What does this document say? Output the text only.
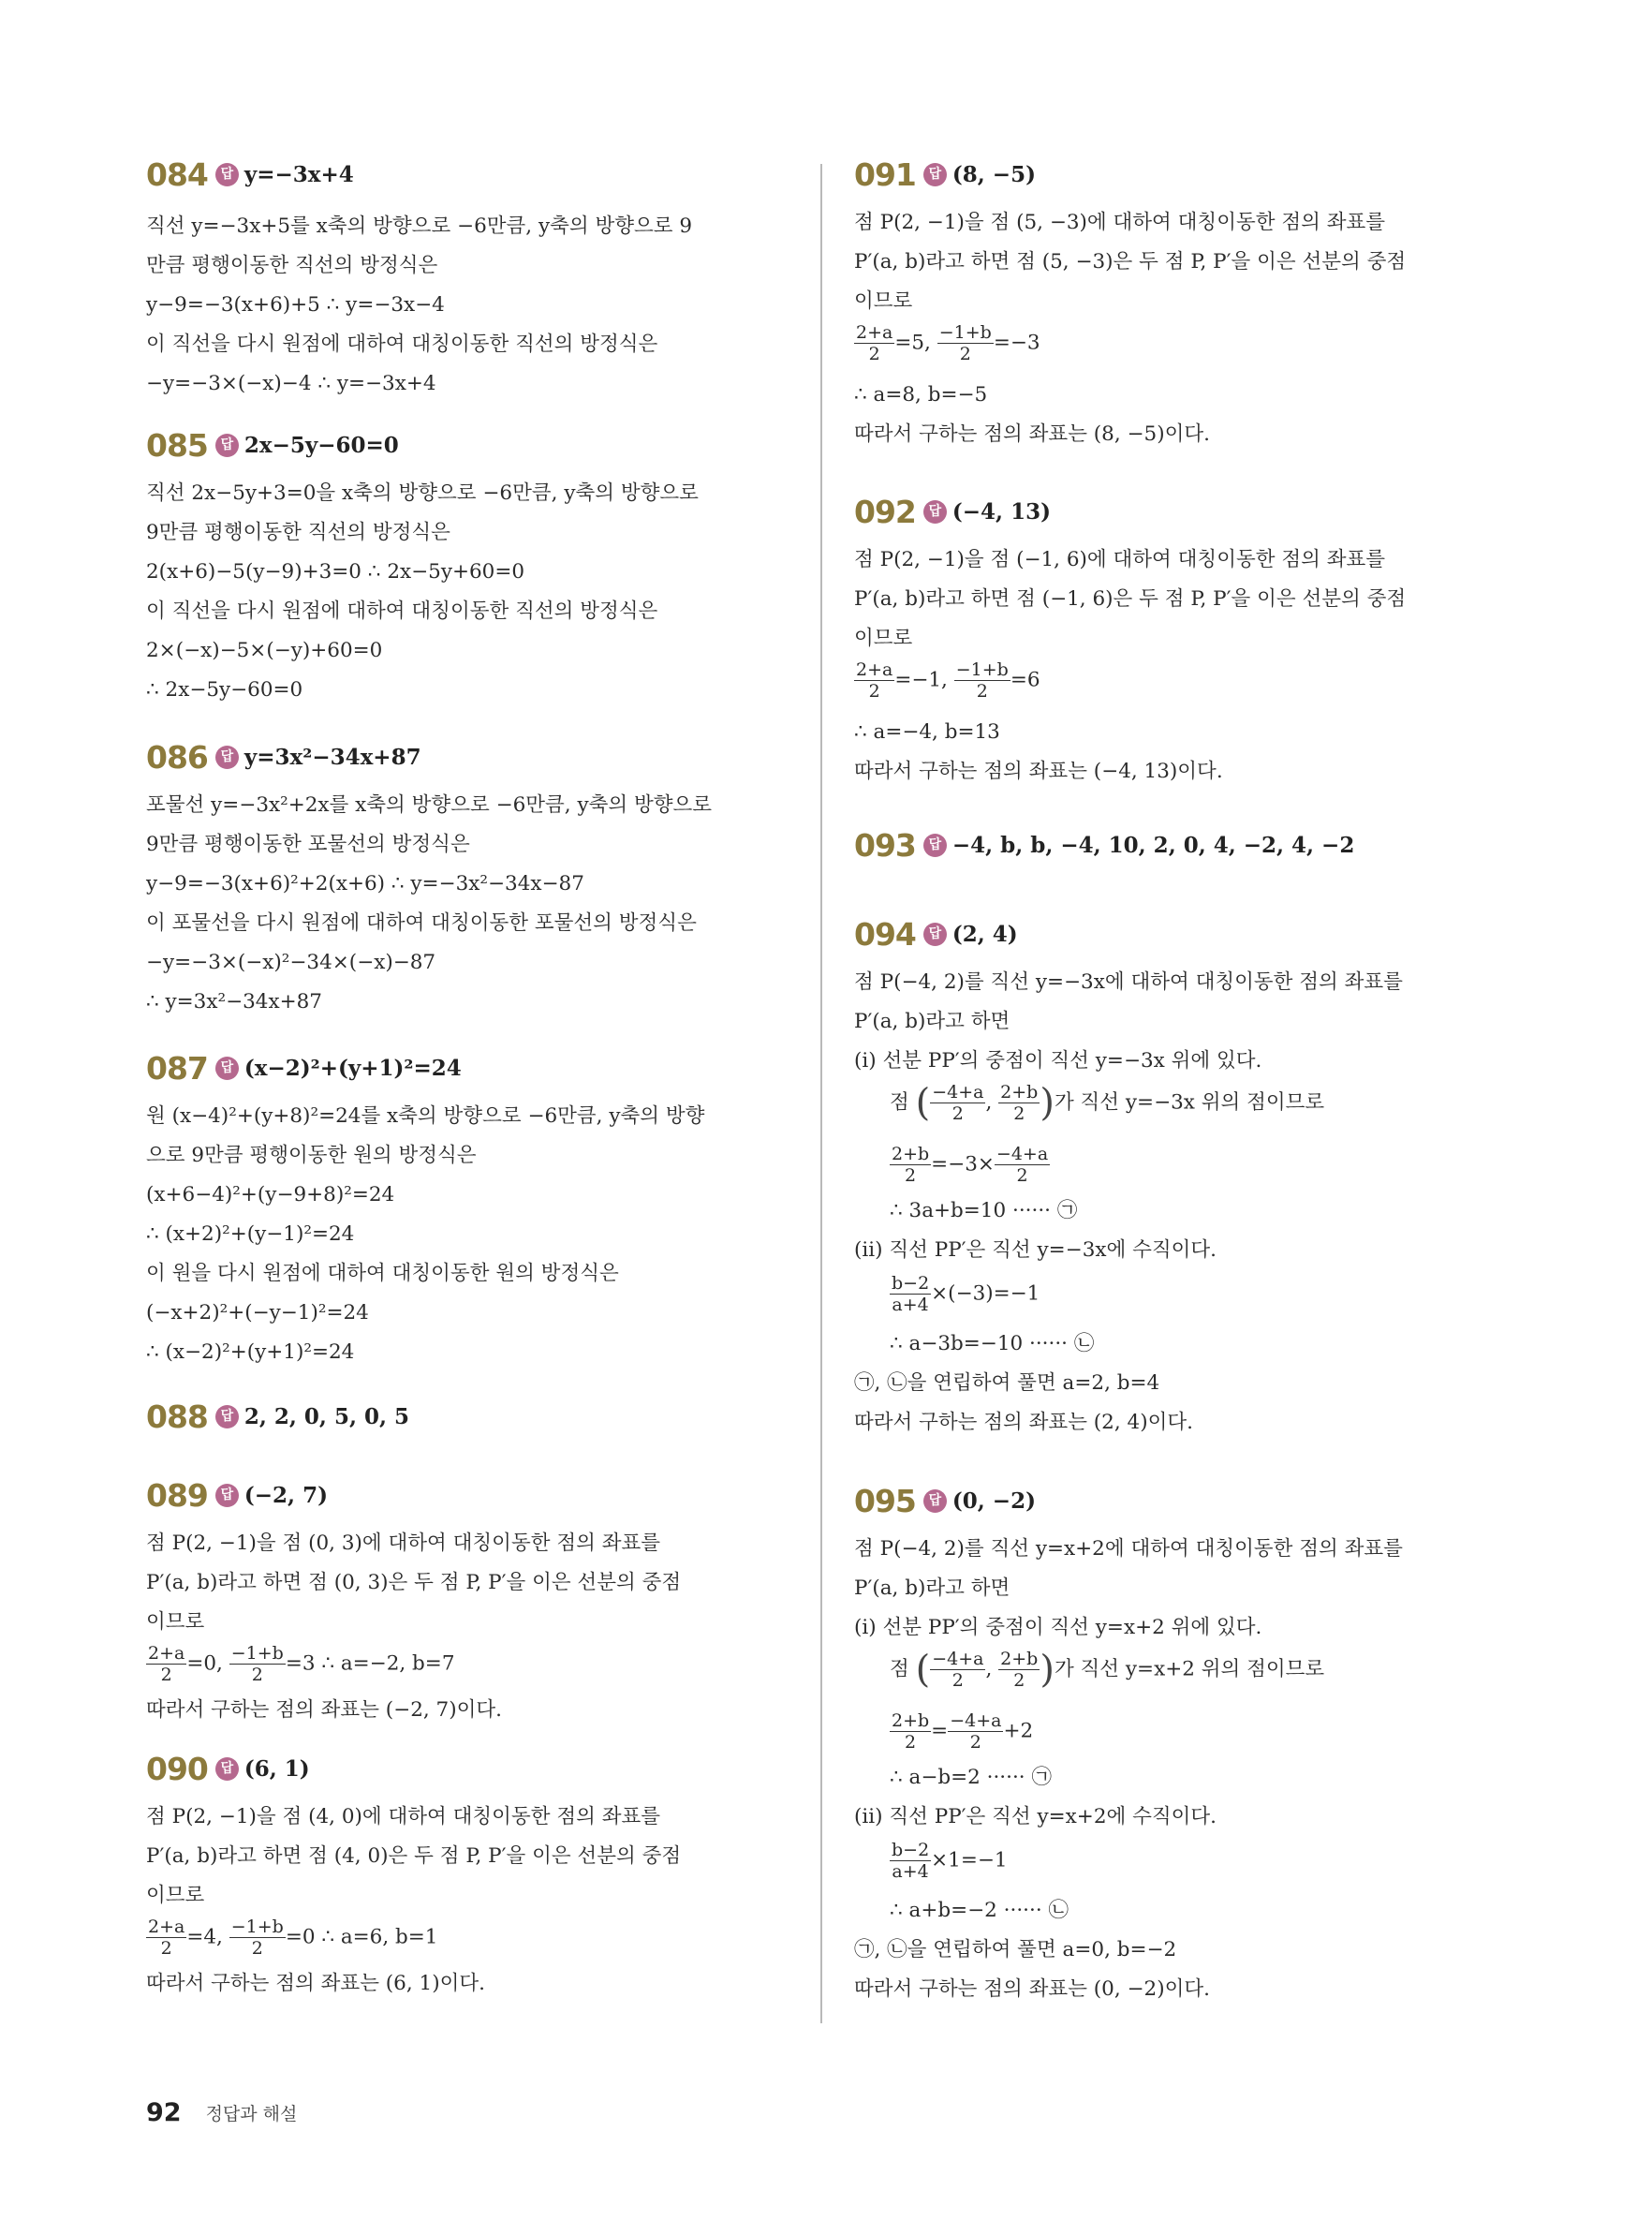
084 답 y=−3x+4
직선 y=−3x+5를 x축의 방향으로 −6만큼, y축의 방향으로 9
만큼 평행이동한 직선의 방정식은
y−9=−3(x+6)+5 ∴ y=−3x−4
이 직선을 다시 원점에 대하여 대칭이동한 직선의 방정식은
−y=−3×(−x)−4 ∴ y=−3x+4
085 답 2x−5y−60=0
직선 2x−5y+3=0을 x축의 방향으로 −6만큼, y축의 방향으로
9만큼 평행이동한 직선의 방정식은
2(x+6)−5(y−9)+3=0 ∴ 2x−5y+60=0
이 직선을 다시 원점에 대하여 대칭이동한 직선의 방정식은
2×(−x)−5×(−y)+60=0
∴ 2x−5y−60=0
086 답 y=3x²−34x+87
포물선 y=−3x²+2x를 x축의 방향으로 −6만큼, y축의 방향으로
9만큼 평행이동한 포물선의 방정식은
y−9=−3(x+6)²+2(x+6) ∴ y=−3x²−34x−87
이 포물선을 다시 원점에 대하여 대칭이동한 포물선의 방정식은
−y=−3×(−x)²−34×(−x)−87
∴ y=3x²−34x+87
087 답 (x−2)²+(y+1)²=24
원 (x−4)²+(y+8)²=24를 x축의 방향으로 −6만큼, y축의 방향
으로 9만큼 평행이동한 원의 방정식은
(x+6−4)²+(y−9+8)²=24
∴ (x+2)²+(y−1)²=24
이 원을 다시 원점에 대하여 대칭이동한 원의 방정식은
(−x+2)²+(−y−1)²=24
∴ (x−2)²+(y+1)²=24
088 답 2, 2, 0, 5, 0, 5
089 답 (−2, 7)
점 P(2, −1)을 점 (0, 3)에 대하여 대칭이동한 점의 좌표를
P′(a, b)라고 하면 점 (0, 3)은 두 점 P, P′을 이은 선분의 중점
이므로
$\frac{2+a}{2} =0$, $\frac{-1+b}{2} =3$ ∴ a=−2, b=7
따라서 구하는 점의 좌표는 (−2, 7)이다.
090 답 (6, 1)
점 P(2, −1)을 점 (4, 0)에 대하여 대칭이동한 점의 좌표를
P′(a, b)라고 하면 점 (4, 0)은 두 점 P, P′을 이은 선분의 중점
이므로
$\frac{2+a}{2} =4$, $\frac{-1+b}{2} =0$ ∴ a=6, b=1
따라서 구하는 점의 좌표는 (6, 1)이다.
091 답 (8, −5)
점 P(2, −1)을 점 (5, −3)에 대하여 대칭이동한 점의 좌표를
P′(a, b)라고 하면 점 (5, −3)은 두 점 P, P′을 이은 선분의 중점
이므로
$\frac{2+a}{2} =5$, $\frac{-1+b}{2} =-3$
∴ a=8, b=−5
따라서 구하는 점의 좌표는 (8, −5)이다.
092 답 (−4, 13)
점 P(2, −1)을 점 (−1, 6)에 대하여 대칭이동한 점의 좌표를
P′(a, b)라고 하면 점 (−1, 6)은 두 점 P, P′을 이은 선분의 중점
이므로
$\frac{2+a}{2} =-1$, $\frac{-1+b}{2} =6$
∴ a=−4, b=13
따라서 구하는 점의 좌표는 (−4, 13)이다.
093 답 −4, b, b, −4, 10, 2, 0, 4, −2, 4, −2
094 답 (2, 4)
점 P(−4, 2)를 직선 y=−3x에 대하여 대칭이동한 점의 좌표를
P′(a, b)라고 하면
(ⅰ) 선분 PP′의 중점이 직선 y=−3x 위에 있다.
점 ( $\frac{-4+a}{2}$ , $\frac{2+b}{2}$ )가 직선 y=−3x 위의 점이므로
$\frac{2+b}{2} =-3\times \frac{-4+a}{2}$
∴ 3a+b=10 ······ ㉠
(ⅱ) 직선 PP′은 직선 y=−3x에 수직이다.
$\frac{b-2}{a+4} \times(-3)=-1$
∴ a−3b=−10 ······ ㉡
㉠, ㉡을 연립하여 풀면 a=2, b=4
따라서 구하는 점의 좌표는 (2, 4)이다.
095 답 (0, −2)
점 P(−4, 2)를 직선 y=x+2에 대하여 대칭이동한 점의 좌표를
P′(a, b)라고 하면
(ⅰ) 선분 PP′의 중점이 직선 y=x+2 위에 있다.
점 ( $\frac{-4+a}{2}$ , $\frac{2+b}{2}$ )가 직선 y=x+2 위의 점이므로
$\frac{2+b}{2} = \frac{-4+a}{2} +2$
∴ a−b=2 ······ ㉠
(ⅱ) 직선 PP′은 직선 y=x+2에 수직이다.
$\frac{b-2}{a+4} \times 1=-1$
∴ a+b=−2 ······ ㉡
㉠, ㉡을 연립하여 풀면 a=0, b=−2
따라서 구하는 점의 좌표는 (0, −2)이다.
92 정답과 해설
